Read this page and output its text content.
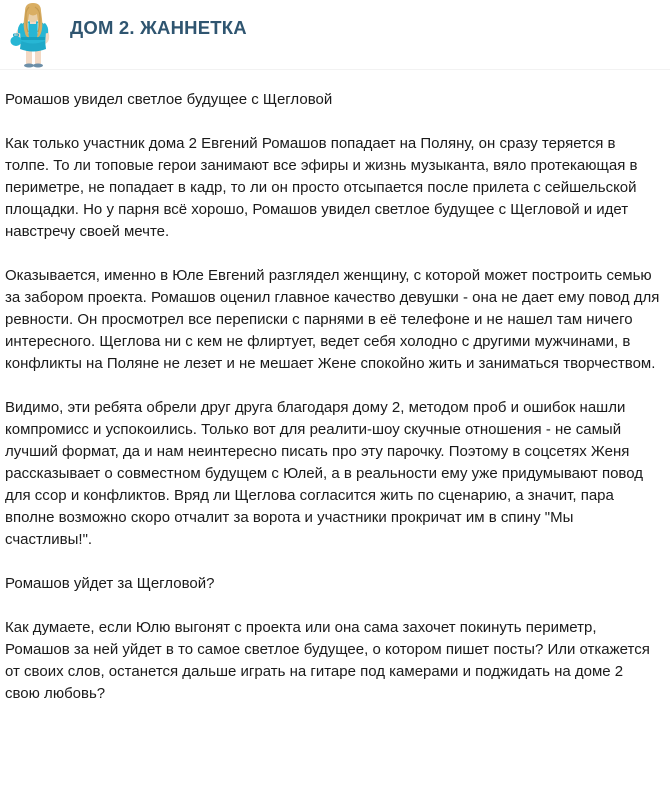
ДОМ 2. ЖАННЕТКА
Ромашов увидел светлое будущее с Щегловой

Как только участник дома 2 Евгений Ромашов попадает на Поляну, он сразу теряется в толпе. То ли топовые герои занимают все эфиры и жизнь музыканта, вяло протекающая в периметре, не попадает в кадр, то ли он просто отсыпается после прилета с сейшельской площадки. Но у парня всё хорошо, Ромашов увидел светлое будущее с Щегловой и идет навстречу своей мечте.

Оказывается, именно в Юле Евгений разглядел женщину, с которой может построить семью за забором проекта. Ромашов оценил главное качество девушки - она не дает ему повод для ревности. Он просмотрел все переписки с парнями в её телефоне и не нашел там ничего интересного. Щеглова ни с кем не флиртует, ведет себя холодно с другими мужчинами, в конфликты на Поляне не лезет и не мешает Жене спокойно жить и заниматься творчеством.

Видимо, эти ребята обрели друг друга благодаря дому 2, методом проб и ошибок нашли компромисс и успокоились. Только вот для реалити-шоу скучные отношения - не самый лучший формат, да и нам неинтересно писать про эту парочку. Поэтому в соцсетях Женя рассказывает о совместном будущем с Юлей, а в реальности ему уже придумывают повод для ссор и конфликтов. Вряд ли Щеглова согласится жить по сценарию, а значит, пара вполне возможно скоро отчалит за ворота и участники прокричат им в спину "Мы счастливы!".

Ромашов уйдет за Щегловой?

Как думаете, если Юлю выгонят с проекта или она сама захочет покинуть периметр, Ромашов за ней уйдет в то самое светлое будущее, о котором пишет посты? Или откажется от своих слов, останется дальше играть на гитаре под камерами и поджидать на доме 2 свою любовь?
